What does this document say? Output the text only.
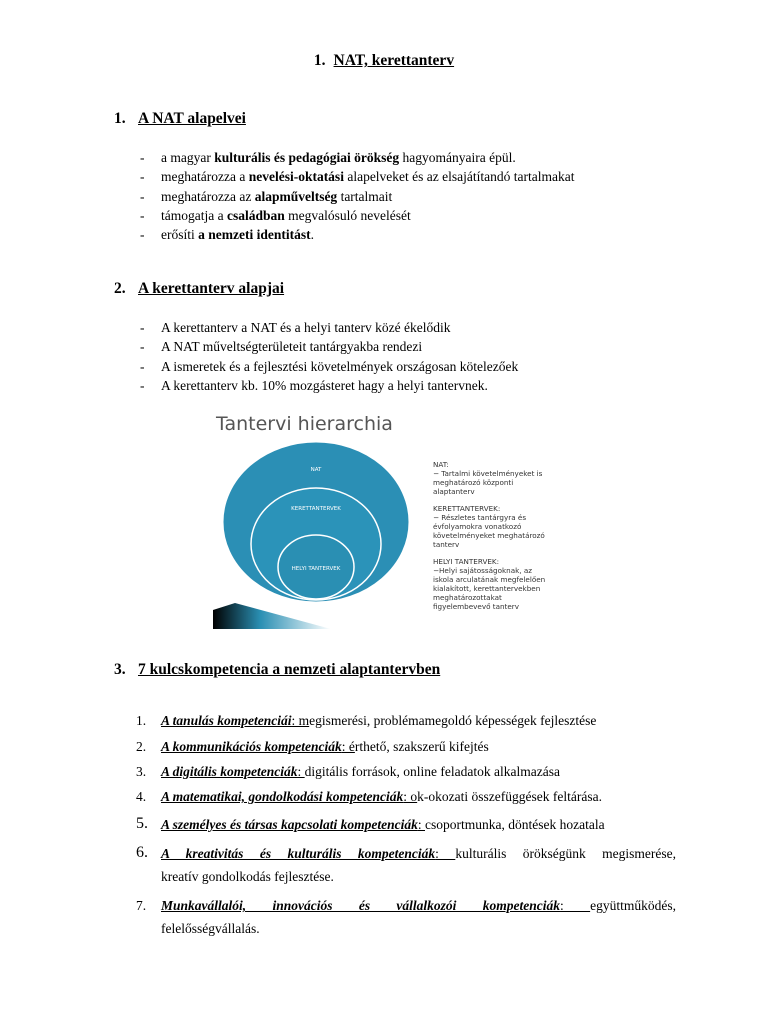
1. NAT, kerettanterv
1. A NAT alapelvei
- a magyar kulturális és pedagógiai örökség hagyományaira épül.
- meghatározza a nevelési-oktatási alapelveket és az elsajátítandó tartalmakat
- meghatározza az alapműveltség tartalmait
- támogatja a családban megvalósuló nevelését
- erősíti a nemzeti identitást.
2. A kerettanterv alapjai
- A kerettanterv a NAT és a helyi tanterv közé ékelődik
- A NAT műveltségterületeit tantárgyakba rendezi
- A ismeretek és a fejlesztési követelmények országosan kötelezőek
- A kerettanterv kb. 10% mozgásteret hagy a helyi tantervnek.
Tantervi hierarchia
NAT
KERETTANTERVEK
HELYI TANTERVEK
NAT:
− Tartalmi követelményeket is
meghatározó központi
alaptanterv
KERETTANTERVEK:
− Részletes tantárgyra és
évfolyamokra vonatkozó
követelményeket meghatározó
tanterv
HELYI TANTERVEK:
−Helyi sajátosságoknak, az
iskola arculatának megfelelően
kialakított, kerettantervekben
meghatározottakat
figyelembevevő tanterv
3. 7 kulcskompetencia a nemzeti alaptantervben
1. A tanulás kompetenciái: megismerési, problémamegoldó képességek fejlesztése
2. A kommunikációs kompetenciák: érthető, szakszerű kifejtés
3. A digitális kompetenciák: digitális források, online feladatok alkalmazása
4. A matematikai, gondolkodási kompetenciák: ok-okozati összefüggések feltárása.
5. A személyes és társas kapcsolati kompetenciák: csoportmunka, döntések hozatala
6. A kreativitás és kulturális kompetenciák: kulturális örökségünk megismerése,
kreatív gondolkodás fejlesztése.
7. Munkavállalói, innovációs és vállalkozói kompetenciák: együttműködés,
felelősségvállalás.
